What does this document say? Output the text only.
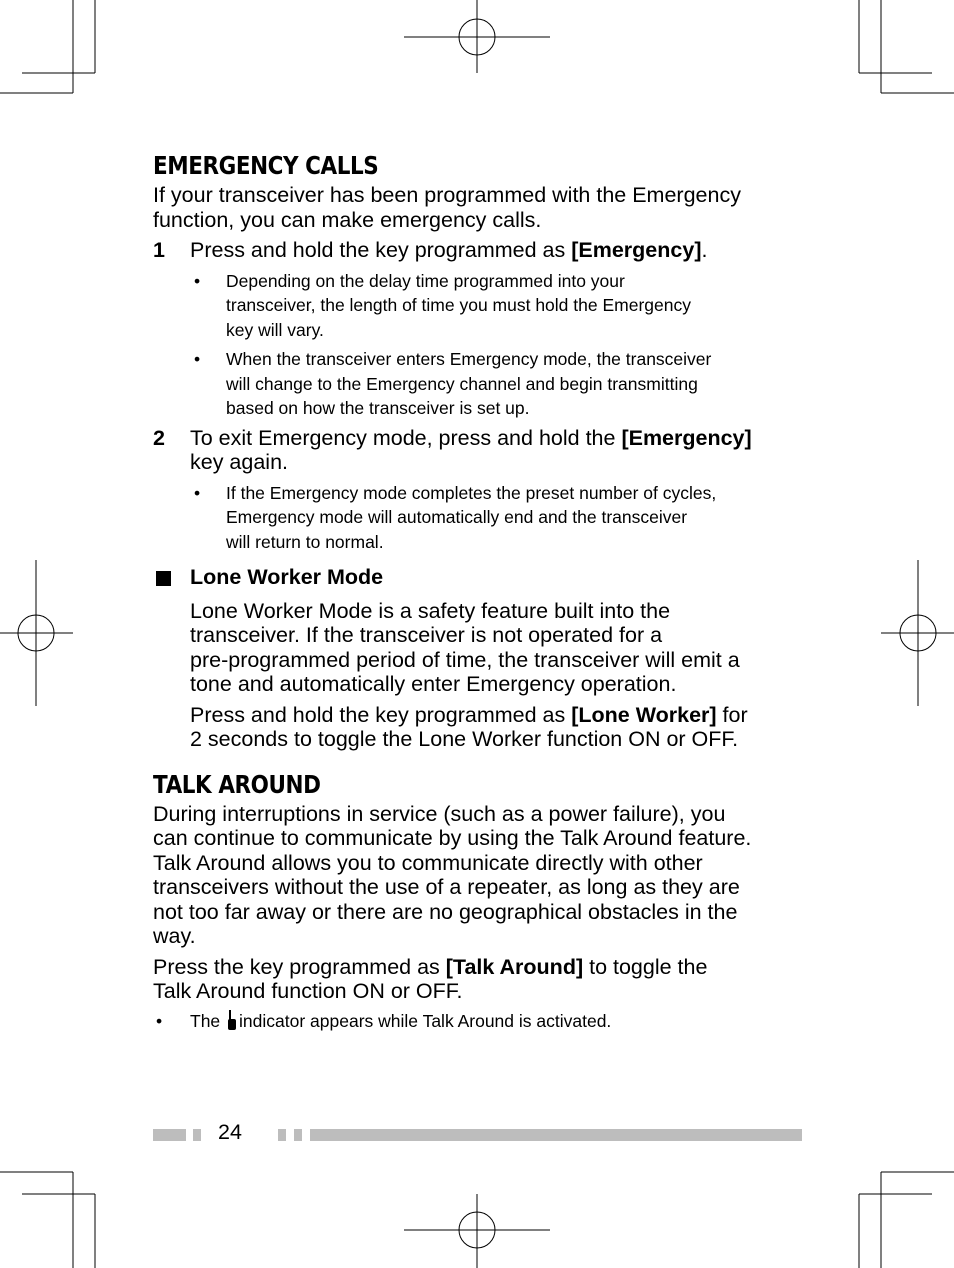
EMERGENCY CALLS

If your transceiver has been programmed with the Emergency
function, you can make emergency calls.

1 Press and hold the key programmed as [Emergency].
• Depending on the delay time programmed into your
transceiver, the length of time you must hold the Emergency
key will vary.
• When the transceiver enters Emergency mode, the transceiver
will change to the Emergency channel and begin transmitting
based on how the transceiver is set up.
2 To exit Emergency mode, press and hold the [Emergency]
key again.
• If the Emergency mode completes the preset number of cycles,
Emergency mode will automatically end and the transceiver
will return to normal.
Lone Worker Mode
Lone Worker Mode is a safety feature built into the
transceiver. If the transceiver is not operated for a
pre-programmed period of time, the transceiver will emit a
tone and automatically enter Emergency operation.
Press and hold the key programmed as [Lone Worker] for
2 seconds to toggle the Lone Worker function ON or OFF.
TALK AROUND

During interruptions in service (such as a power failure), you
can continue to communicate by using the Talk Around feature.
Talk Around allows you to communicate directly with other
transceivers without the use of a repeater, as long as they are
not too far away or there are no geographical obstacles in the
way.

Press the key programmed as [Talk Around] to toggle the
Talk Around function ON or OFF.

• The
indicator appears while Talk Around is activated.
24
